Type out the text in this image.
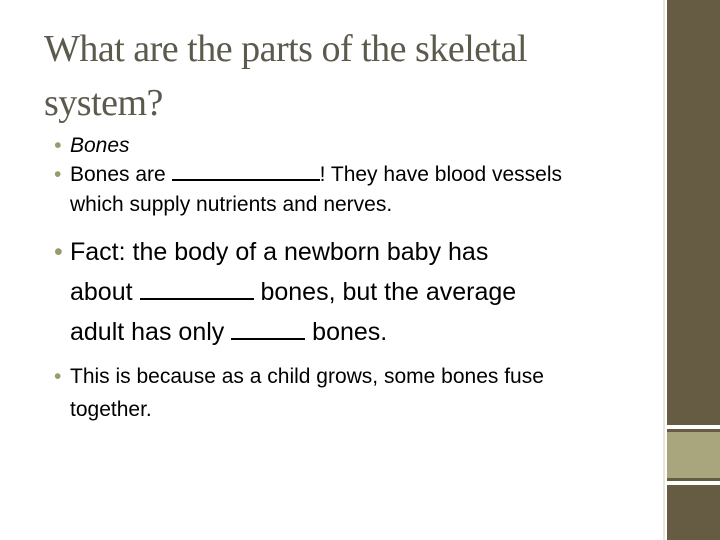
What are the parts of the skeletal
system?
• Bones
• Bones are	! They have blood vessels
which supply nutrients and nerves.
• Fact: the body of a newborn baby has
about	bones, but the average
adult has only	bones.
• This is because as a child grows, some bones fuse
together.
